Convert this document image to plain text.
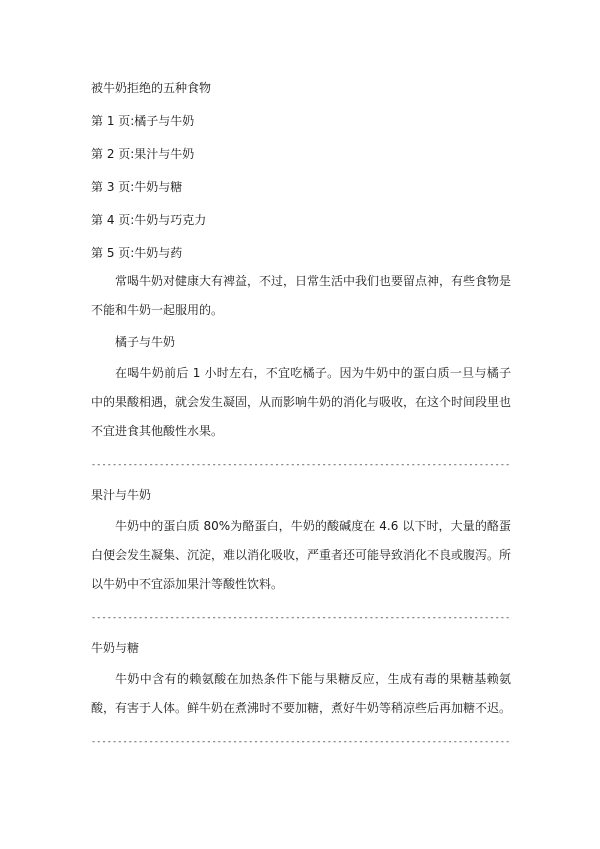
被牛奶拒绝的五种食物

第 1 页:橘子与牛奶

第 2 页:果汁与牛奶

第 3 页:牛奶与糖

第 4 页:牛奶与巧克力

第 5 页:牛奶与药

常喝牛奶对健康大有裨益，不过，日常生活中我们也要留点神，有些食物是不能和牛奶一起服用的。

橘子与牛奶

在喝牛奶前后 1 小时左右，不宜吃橘子。因为牛奶中的蛋白质一旦与橘子中的果酸相遇，就会发生凝固，从而影响牛奶的消化与吸收，在这个时间段里也不宜进食其他酸性水果。

--------------------------------------------------------------------------------

果汁与牛奶

牛奶中的蛋白质 80%为酪蛋白，牛奶的酸碱度在 4.6 以下时，大量的酪蛋白便会发生凝集、沉淀，难以消化吸收，严重者还可能导致消化不良或腹泻。所以牛奶中不宜添加果汁等酸性饮料。

--------------------------------------------------------------------------------

牛奶与糖

牛奶中含有的赖氨酸在加热条件下能与果糖反应，生成有毒的果糖基赖氨酸，有害于人体。鲜牛奶在煮沸时不要加糖，煮好牛奶等稍凉些后再加糖不迟。

--------------------------------------------------------------------------------
